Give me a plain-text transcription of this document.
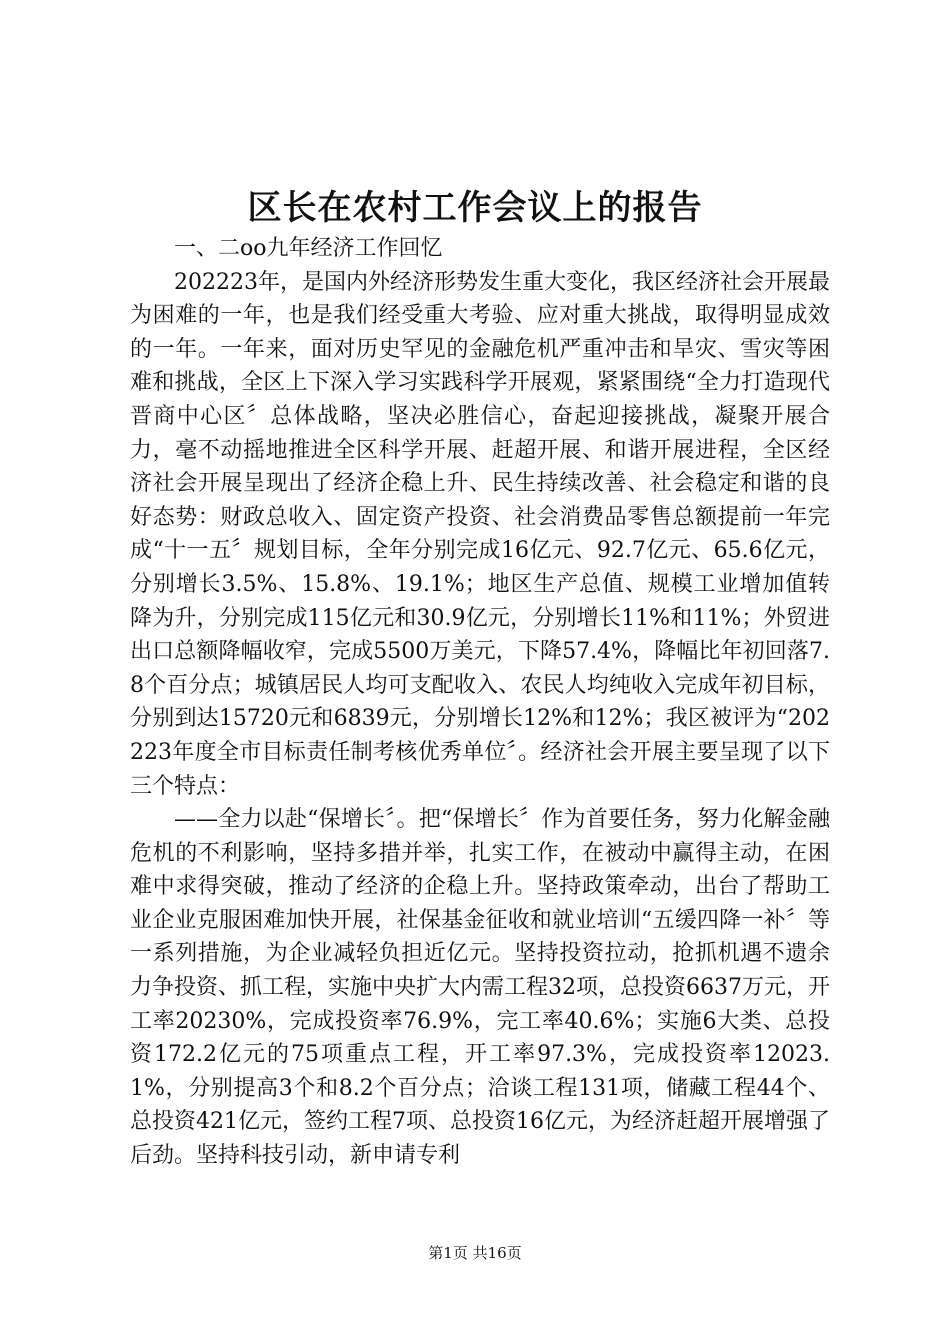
区长在农村工作会议上的报告

一、二oo九年经济工作回忆

202223年，是国内外经济形势发生重大变化，我区经济社会开展最为困难的一年，也是我们经受重大考验、应对重大挑战，取得明显成效的一年。一年来，面对历史罕见的金融危机严重冲击和旱灾、雪灾等困难和挑战，全区上下深入学习实践科学开展观，紧紧围绕“全力打造现代晋商中心区〞总体战略，坚决必胜信心，奋起迎接挑战，凝聚开展合力，毫不动摇地推进全区科学开展、赶超开展、和谐开展进程，全区经济社会开展呈现出了经济企稳上升、民生持续改善、社会稳定和谐的良好态势：财政总收入、固定资产投资、社会消费品零售总额提前一年完成“十一五〞规划目标，全年分别完成16亿元、92.7亿元、65.6亿元，分别增长3.5%、15.8%、19.1%；地区生产总值、规模工业增加值转降为升，分别完成115亿元和30.9亿元，分别增长11%和11%；外贸进出口总额降幅收窄，完成5500万美元，下降57.4%，降幅比年初回落7.8个百分点；城镇居民人均可支配收入、农民人均纯收入完成年初目标，分别到达15720元和6839元，分别增长12%和12%；我区被评为“202223年度全市目标责任制考核优秀单位〞。经济社会开展主要呈现了以下三个特点：

——全力以赴“保增长〞。把“保增长〞作为首要任务，努力化解金融危机的不利影响，坚持多措并举，扎实工作，在被动中赢得主动，在困难中求得突破，推动了经济的企稳上升。坚持政策牵动，出台了帮助工业企业克服困难加快开展，社保基金征收和就业培训“五缓四降一补〞等一系列措施，为企业减轻负担近亿元。坚持投资拉动，抢抓机遇不遗余力争投资、抓工程，实施中央扩大内需工程32项，总投资6637万元，开工率20230%，完成投资率76.9%，完工率40.6%；实施6大类、总投资172.2亿元的75项重点工程，开工率97.3%，完成投资率12023.1%，分别提高3个和8.2个百分点；洽谈工程131项，储藏工程44个、总投资421亿元，签约工程7项、总投资16亿元，为经济赶超开展增强了后劲。坚持科技引动，新申请专利

第1页 共16页
